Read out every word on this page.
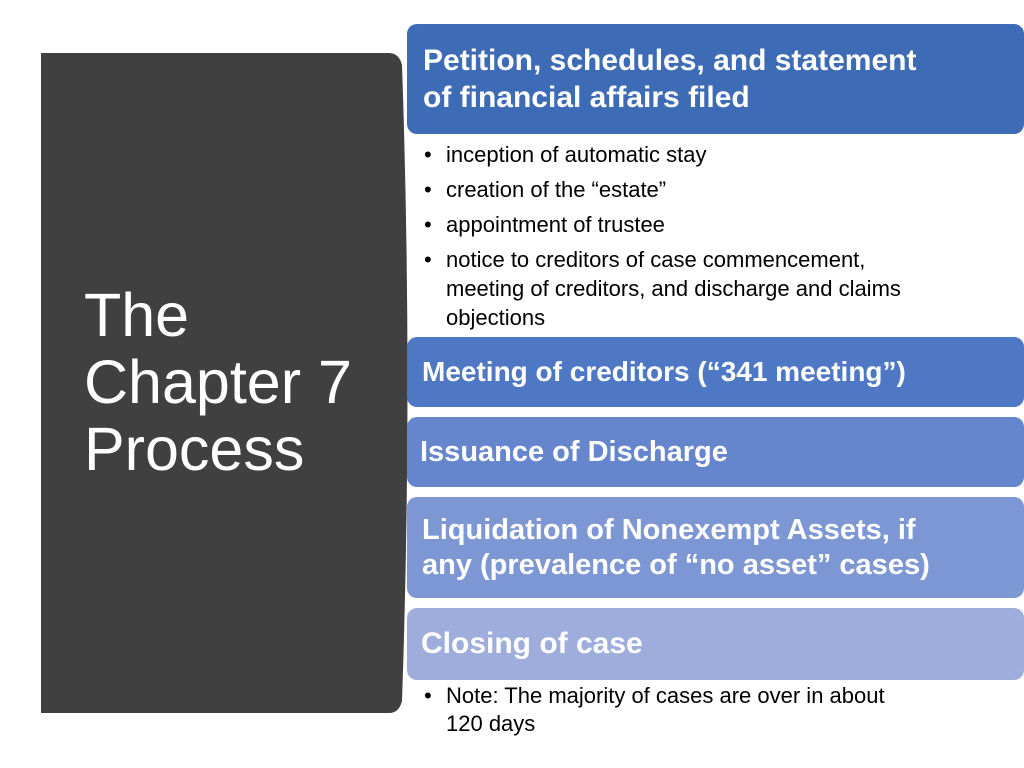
The
Chapter 7
Process
Petition, schedules, and statement
of financial affairs filed
• inception of automatic stay
• creation of the “estate”
• appointment of trustee
• notice to creditors of case commencement,
meeting of creditors, and discharge and claims
objections
Meeting of creditors (“341 meeting”)
Issuance of Discharge
Liquidation of Nonexempt Assets, if
any (prevalence of “no asset” cases)
Closing of case
• Note: The majority of cases are over in about
120 days
